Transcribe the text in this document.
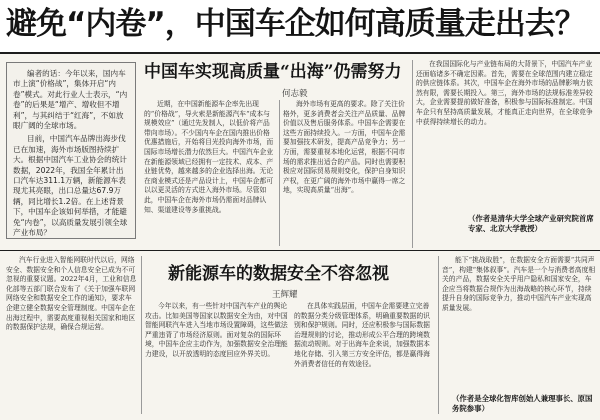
避免“内卷”，中国车企如何高质量走出去？

编者的话：今年以来，国内车市上演“价格战”，集体开启“内卷”模式。对此行业人士表示，“内卷”的后果是“增产、增收但不增利”，与其纠结于“红海”，不如放眼广阔的全球市场。

目前，中国汽车品牌出海步伐已在加速，海外市场版图持续扩大。根据中国汽车工业协会的统计数据，2022年，我国全年累计出口汽车达311.1万辆，新能源车表现尤其亮眼，出口总量达67.9万辆，同比增长1.2倍。在上述背景下，中国车企该如何举措，才能避免“内卷”，以高质量发展引领全球产业布局？

中国车实现高质量“出海”仍需努力
何志毅

近期，在中国新能源车企率先出现的“价格战”，导火索是新能源汽车“成本与规模效应”（通过先发制人，以低价将产品带向市场）。不少国内车企在国内推出价格优惠措施后，开始将目光投向海外市场，而国际市场增长潜力依然巨大。中国汽车企业在新能源领域已经拥有一定技术、成本、产业链优势，越来越多的企业选择出海。无论在商业模式还是产品设计上，中国车企都可以以更灵活的方式进入海外市场。尽管如此，中国车企在海外市场仍需面对品牌认知、渠道建设等多重挑战。

海外市场有更高的要求。除了关注价格外，更多消费者会关注产品质量、品牌价值以及售后服务体系。中国车企需要在这些方面持续投入。一方面，中国车企需要加强技术研发，提高产品竞争力；另一方面，需要重视本地化运营，根据不同市场的需求推出适合的产品。同时也需要积极应对国际贸易规则变化，保护自身知识产权，在更广阔的海外市场中赢得一席之地，实现高质量“出海”。

在我国国际化与产业链布局的大背景下，中国汽车产业还面临诸多不确定因素。首先，需要在全球范围内建立稳定的供应链体系。其次，中国车企在海外市场的品牌影响力依然有限，需要长期投入。第三，海外市场的法规标准差异较大，企业需要提前做好准备，积极参与国际标准制定。中国车企只有坚持高质量发展，才能真正走向世界，在全球竞争中获得持续增长的动力。

（作者是清华大学全球产业研究院首席专家、北京大学教授）

汽车行业进入智能网联时代以后，网络安全、数据安全和个人信息安全已成为不可忽视的重要议题。2022年4月，工业和信息化部等五部门联合发布了《关于加强车联网网络安全和数据安全工作的通知》，要求车企建立健全数据安全管理制度。中国车企在出海过程中，需要高度重视相关国家和地区的数据保护法规，确保合规运营。

新能源车的数据安全不容忽视
王辉耀

今年以来，有一些针对中国汽车产业的舆论攻击。比如美国等国家以数据安全为由，对中国智能网联汽车进入当地市场设置障碍，这些做法严重违背了市场经济原则。面对复杂的国际环境，中国车企应主动作为，加强数据安全治理能力建设，以开放透明的态度回应外界关切。

在具体实践层面，中国车企需要建立完善的数据分类分级管理体系，明确重要数据的识别和保护规则。同时，还应积极参与国际数据治理规则的讨论，推动形成公平合理的跨境数据流动规则。对于出海车企来说，加强数据本地化存储、引入第三方安全评估，都是赢得海外消费者信任的有效途径。

能下“挑战取胜”，在数据安全方面需要“共同声音”，构建“集体叙事”。汽车是一个与消费者高度相关的产品，数据安全关乎用户隐私和国家安全，车企应当将数据合规作为出海战略的核心环节，持续提升自身的国际竞争力，推动中国汽车产业实现高质量发展。

（作者是全球化智库创始人兼理事长、原国务院参事）
